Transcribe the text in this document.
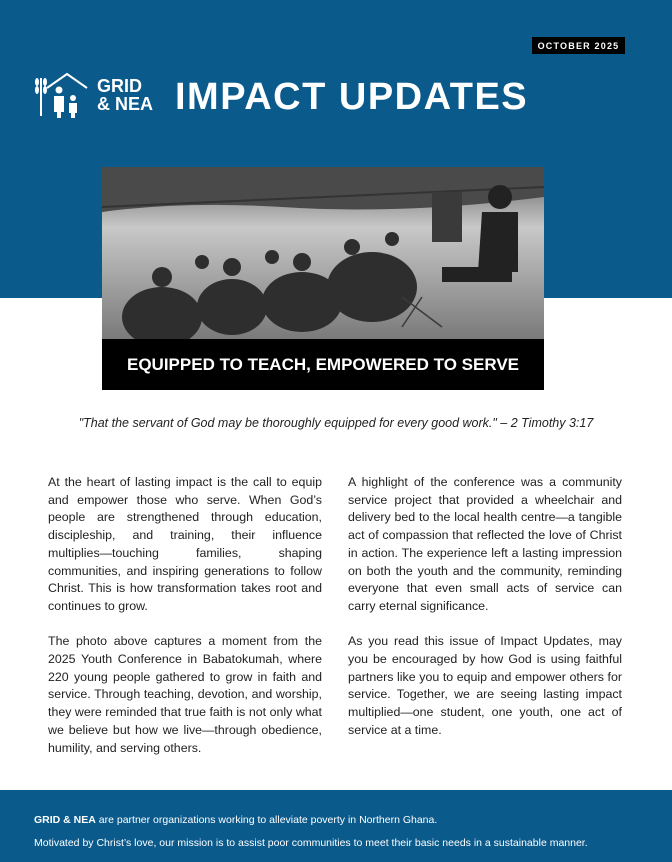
OCTOBER 2025
GRID
& NEA IMPACT UPDATES
EQUIPPED TO TEACH, EMPOWERED TO SERVE
"That the servant of God may be thoroughly equipped for every good work." – 2 Timothy 3:17

At the heart of lasting impact is the call to equip and empower those who serve. When God’s people are strengthened through education, discipleship, and training, their influence multiplies—touching families, shaping communities, and inspiring generations to follow Christ. This is how transformation takes root and continues to grow.

The photo above captures a moment from the 2025 Youth Conference in Babatokumah, where 220 young people gathered to grow in faith and service. Through teaching, devotion, and worship, they were reminded that true faith is not only what we believe but how we live—through obedience, humility, and serving others.

A highlight of the conference was a community service project that provided a wheelchair and delivery bed to the local health centre—a tangible act of compassion that reflected the love of Christ in action. The experience left a lasting impression on both the youth and the community, reminding everyone that even small acts of service can carry eternal significance.

As you read this issue of Impact Updates, may you be encouraged by how God is using faithful partners like you to equip and empower others for service. Together, we are seeing lasting impact multiplied—one student, one youth, one act of service at a time.

GRID & NEA are partner organizations working to alleviate poverty in Northern Ghana.
Motivated by Christ’s love, our mission is to assist poor communities to meet their basic needs in a sustainable manner.
